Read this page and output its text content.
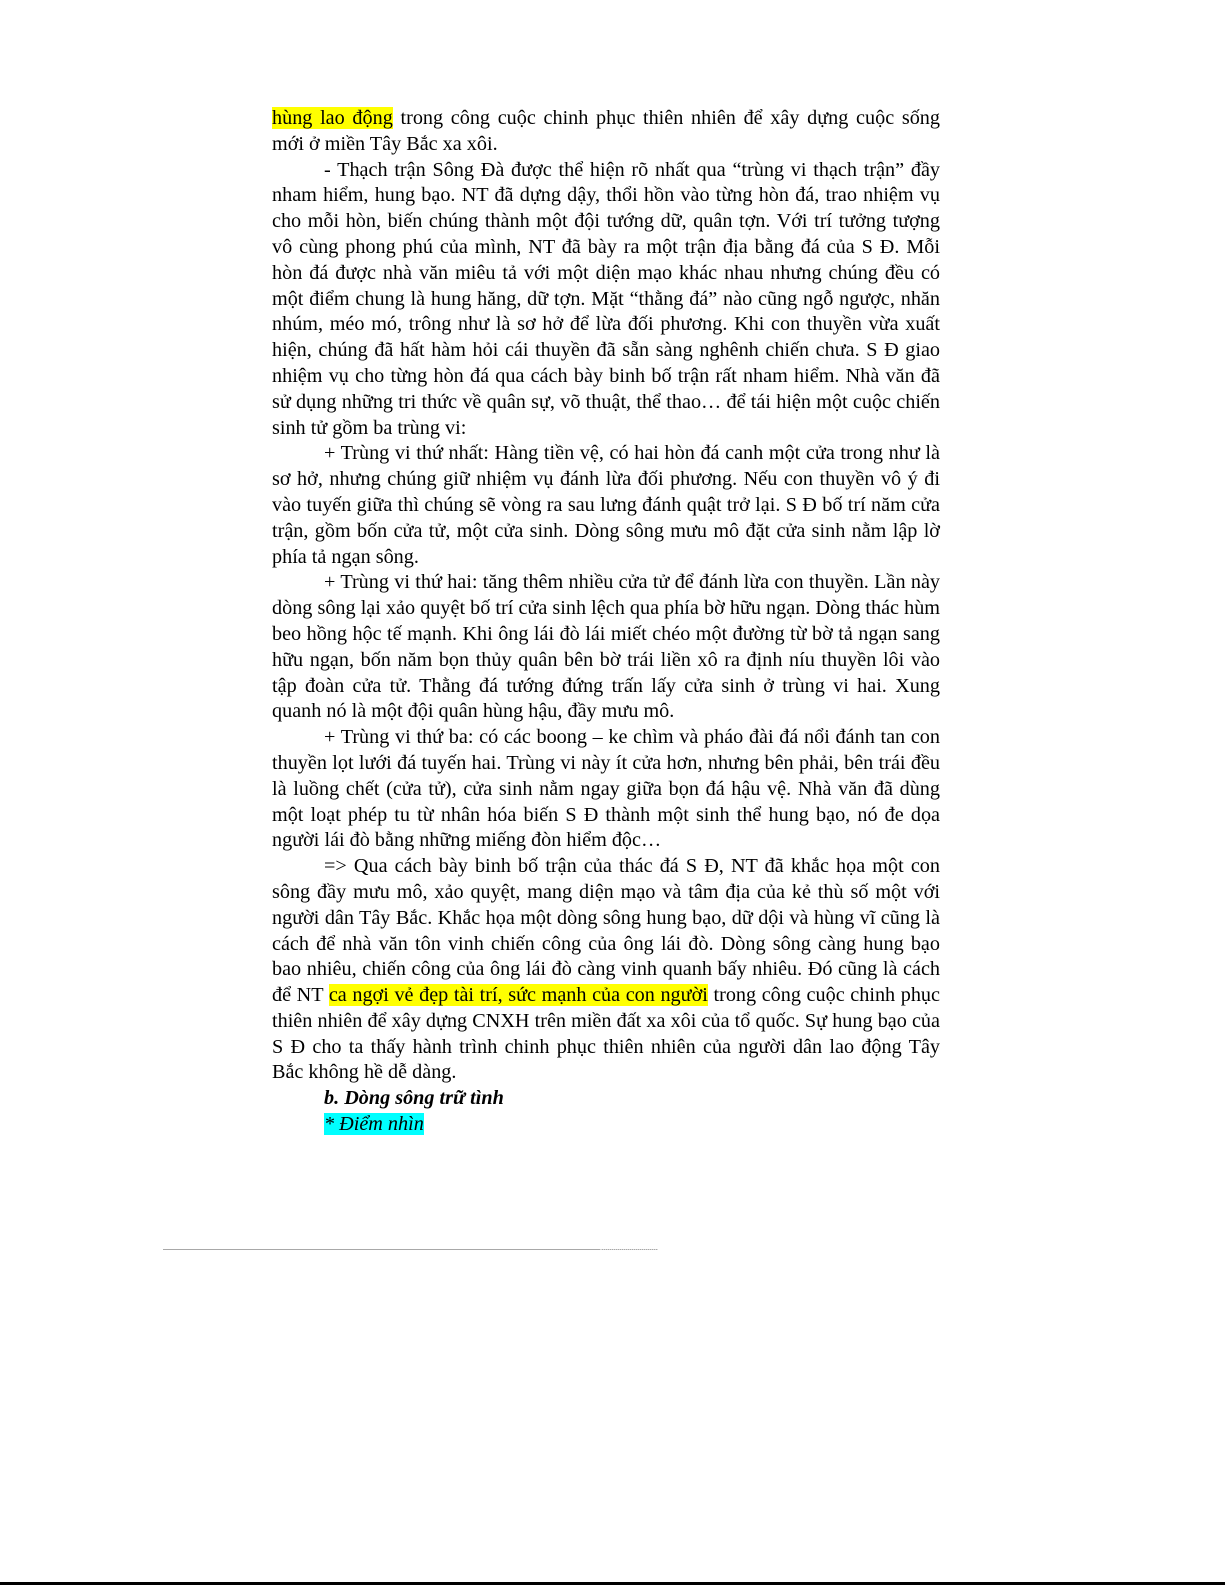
hùng lao động trong công cuộc chinh phục thiên nhiên để xây dựng cuộc sống mới ở miền Tây Bắc xa xôi.

- Thạch trận Sông Đà được thể hiện rõ nhất qua “trùng vi thạch trận” đầy nham hiểm, hung bạo. NT đã dựng dậy, thổi hồn vào từng hòn đá, trao nhiệm vụ cho mỗi hòn, biến chúng thành một đội tướng dữ, quân tợn. Với trí tưởng tượng vô cùng phong phú của mình, NT đã bày ra một trận địa bằng đá của S Đ. Mỗi hòn đá được nhà văn miêu tả với một diện mạo khác nhau nhưng chúng đều có một điểm chung là hung hăng, dữ tợn. Mặt “thằng đá” nào cũng ngỗ ngược, nhăn nhúm, méo mó, trông như là sơ hở để lừa đối phương. Khi con thuyền vừa xuất hiện, chúng đã hất hàm hỏi cái thuyền đã sẵn sàng nghênh chiến chưa. S Đ giao nhiệm vụ cho từng hòn đá qua cách bày binh bố trận rất nham hiểm. Nhà văn đã sử dụng những tri thức về quân sự, võ thuật, thể thao… để tái hiện một cuộc chiến sinh tử gồm ba trùng vi:

+ Trùng vi thứ nhất: Hàng tiền vệ, có hai hòn đá canh một cửa trong như là sơ hở, nhưng chúng giữ nhiệm vụ đánh lừa đối phương. Nếu con thuyền vô ý đi vào tuyến giữa thì chúng sẽ vòng ra sau lưng đánh quật trở lại. S Đ bố trí năm cửa trận, gồm bốn cửa tử, một cửa sinh. Dòng sông mưu mô đặt cửa sinh nằm lập lờ phía tả ngạn sông.

+ Trùng vi thứ hai: tăng thêm nhiều cửa tử để đánh lừa con thuyền. Lần này dòng sông lại xảo quyệt bố trí cửa sinh lệch qua phía bờ hữu ngạn. Dòng thác hùm beo hồng hộc tế mạnh. Khi ông lái đò lái miết chéo một đường từ bờ tả ngạn sang hữu ngạn, bốn năm bọn thủy quân bên bờ trái liền xô ra định níu thuyền lôi vào tập đoàn cửa tử. Thằng đá tướng đứng trấn lấy cửa sinh ở trùng vi hai. Xung quanh nó là một đội quân hùng hậu, đầy mưu mô.

+ Trùng vi thứ ba: có các boong – ke chìm và pháo đài đá nổi đánh tan con thuyền lọt lưới đá tuyến hai. Trùng vi này ít cửa hơn, nhưng bên phải, bên trái đều là luồng chết (cửa tử), cửa sinh nằm ngay giữa bọn đá hậu vệ. Nhà văn đã dùng một loạt phép tu từ nhân hóa biến S Đ thành một sinh thể hung bạo, nó đe dọa người lái đò bằng những miếng đòn hiểm độc…

=> Qua cách bày binh bố trận của thác đá S Đ, NT đã khắc họa một con sông đầy mưu mô, xảo quyệt, mang diện mạo và tâm địa của kẻ thù số một với người dân Tây Bắc. Khắc họa một dòng sông hung bạo, dữ dội và hùng vĩ cũng là cách để nhà văn tôn vinh chiến công của ông lái đò. Dòng sông càng hung bạo bao nhiêu, chiến công của ông lái đò càng vinh quanh bấy nhiêu. Đó cũng là cách để NT ca ngợi vẻ đẹp tài trí, sức mạnh của con người trong công cuộc chinh phục thiên nhiên để xây dựng CNXH trên miền đất xa xôi của tổ quốc. Sự hung bạo của S Đ cho ta thấy hành trình chinh phục thiên nhiên của người dân lao động Tây Bắc không hề dễ dàng.

b. Dòng sông trữ tình

* Điểm nhìn
